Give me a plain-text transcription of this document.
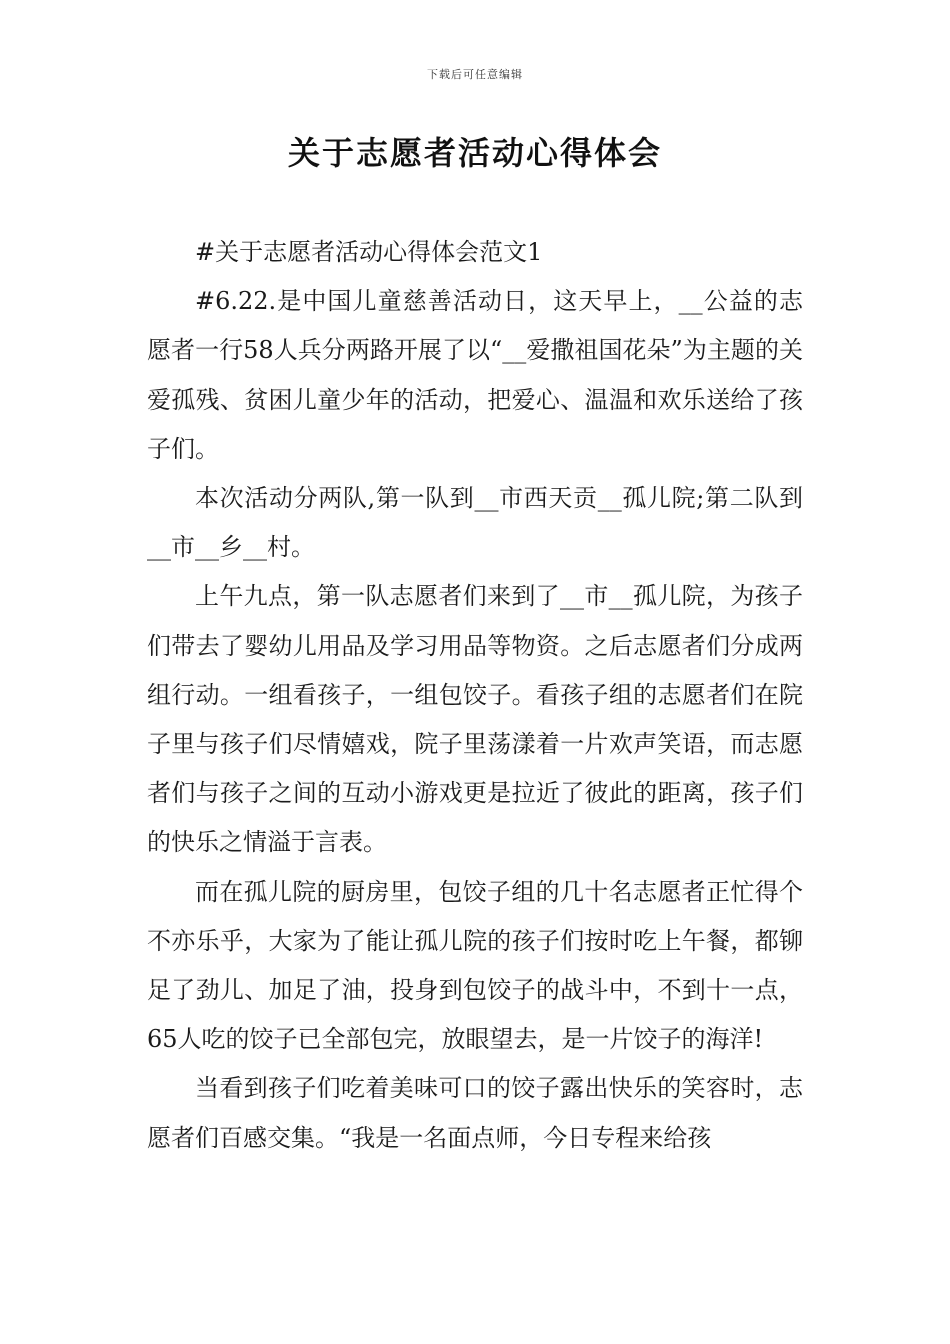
下载后可任意编辑
关于志愿者活动心得体会

#关于志愿者活动心得体会范文1

#6.22.是中国儿童慈善活动日，这天早上，__公益的志愿者一行58人兵分两路开展了以“__爱撒祖国花朵”为主题的关爱孤残、贫困儿童少年的活动，把爱心、温温和欢乐送给了孩子们。

本次活动分两队,第一队到__市西天贡__孤儿院;第二队到__市__乡__村。

上午九点，第一队志愿者们来到了__市__孤儿院，为孩子们带去了婴幼儿用品及学习用品等物资。之后志愿者们分成两组行动。一组看孩子，一组包饺子。看孩子组的志愿者们在院子里与孩子们尽情嬉戏，院子里荡漾着一片欢声笑语，而志愿者们与孩子之间的互动小游戏更是拉近了彼此的距离，孩子们的快乐之情溢于言表。

而在孤儿院的厨房里，包饺子组的几十名志愿者正忙得个不亦乐乎，大家为了能让孤儿院的孩子们按时吃上午餐，都铆足了劲儿、加足了油，投身到包饺子的战斗中，不到十一点，65人吃的饺子已全部包完，放眼望去，是一片饺子的海洋!

当看到孩子们吃着美味可口的饺子露出快乐的笑容时，志愿者们百感交集。“我是一名面点师，今日专程来给孩
